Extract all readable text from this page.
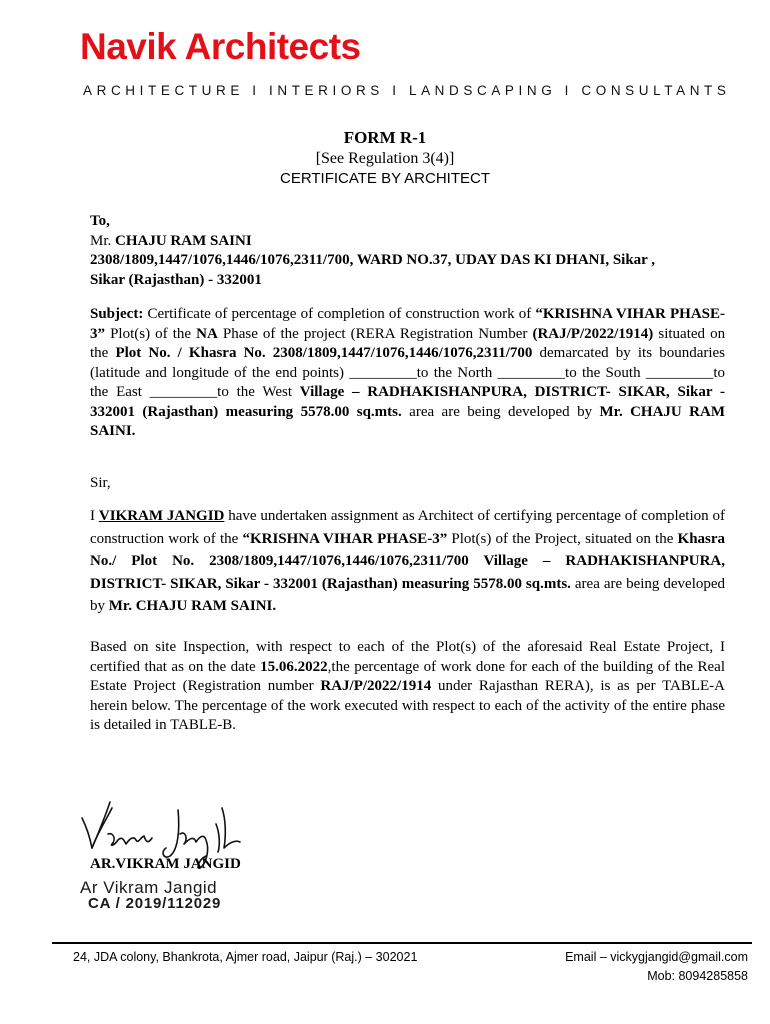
Navik Architects
ARCHITECTURE I INTERIORS I LANDSCAPING I CONSULTANTS
FORM R-1
[See Regulation 3(4)]
CERTIFICATE BY ARCHITECT
To,
Mr. CHAJU RAM SAINI
2308/1809,1447/1076,1446/1076,2311/700, WARD NO.37, UDAY DAS KI DHANI, Sikar ,
Sikar (Rajasthan) - 332001
Subject: Certificate of percentage of completion of construction work of “KRISHNA VIHAR PHASE-3” Plot(s) of the NA Phase of the project (RERA Registration Number (RAJ/P/2022/1914) situated on the Plot No. / Khasra No. 2308/1809,1447/1076,1446/1076,2311/700 demarcated by its boundaries (latitude and longitude of the end points) _________to the North _________to the South _________to the East _________to the West Village – RADHAKISHANPURA, DISTRICT- SIKAR, Sikar - 332001 (Rajasthan) measuring 5578.00 sq.mts. area are being developed by Mr. CHAJU RAM SAINI.
Sir,
I VIKRAM JANGID have undertaken assignment as Architect of certifying percentage of completion of construction work of the “KRISHNA VIHAR PHASE-3” Plot(s) of the Project, situated on the Khasra No./ Plot No. 2308/1809,1447/1076,1446/1076,2311/700 Village – RADHAKISHANPURA, DISTRICT- SIKAR, Sikar - 332001 (Rajasthan) measuring 5578.00 sq.mts. area are being developed by Mr. CHAJU RAM SAINI.
Based on site Inspection, with respect to each of the Plot(s) of the aforesaid Real Estate Project, I certified that as on the date 15.06.2022,the percentage of work done for each of the building of the Real Estate Project (Registration number RAJ/P/2022/1914 under Rajasthan RERA), is as per TABLE-A herein below. The percentage of the work executed with respect to each of the activity of the entire phase is detailed in TABLE-B.
AR.VIKRAM JANGID
Ar Vikram Jangid
CA / 2019/112029
24, JDA colony, Bhankrota, Ajmer road, Jaipur (Raj.) – 302021	Email – vickygjangid@gmail.com
Mob: 8094285858
